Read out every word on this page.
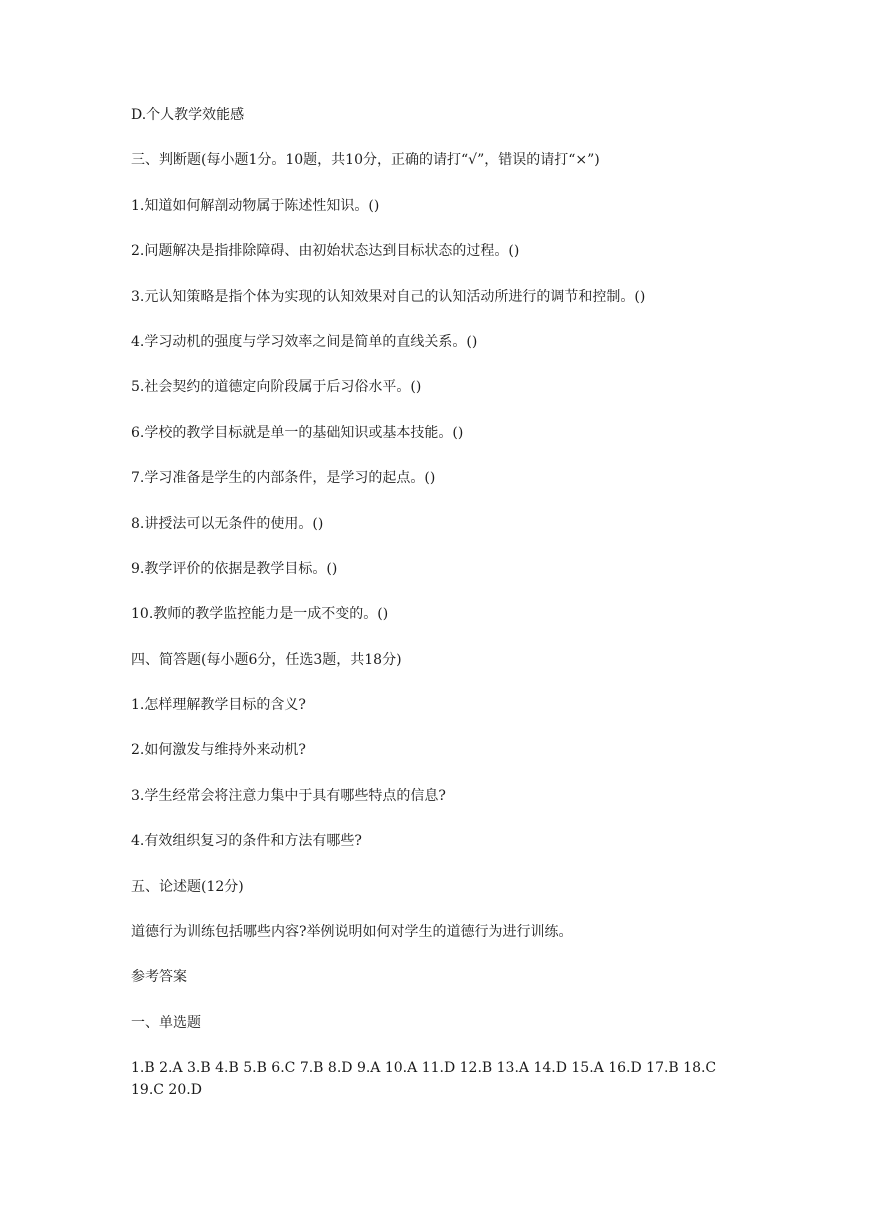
D.个人教学效能感

三、判断题(每小题1分。10题，共10分，正确的请打“√”，错误的请打“×”)

1.知道如何解剖动物属于陈述性知识。()

2.问题解决是指排除障碍、由初始状态达到目标状态的过程。()

3.元认知策略是指个体为实现的认知效果对自己的认知活动所进行的调节和控制。()

4.学习动机的强度与学习效率之间是简单的直线关系。()

5.社会契约的道德定向阶段属于后习俗水平。()

6.学校的教学目标就是单一的基础知识或基本技能。()

7.学习准备是学生的内部条件，是学习的起点。()

8.讲授法可以无条件的使用。()

9.教学评价的依据是教学目标。()

10.教师的教学监控能力是一成不变的。()

四、简答题(每小题6分，任选3题，共18分)

1.怎样理解教学目标的含义?

2.如何激发与维持外来动机?

3.学生经常会将注意力集中于具有哪些特点的信息?

4.有效组织复习的条件和方法有哪些?

五、论述题(12分)

道德行为训练包括哪些内容?举例说明如何对学生的道德行为进行训练。

参考答案

一、单选题

1.B 2.A 3.B 4.B 5.B 6.C 7.B 8.D 9.A 10.A 11.D 12.B 13.A 14.D 15.A 16.D 17.B 18.C 19.C 20.D
